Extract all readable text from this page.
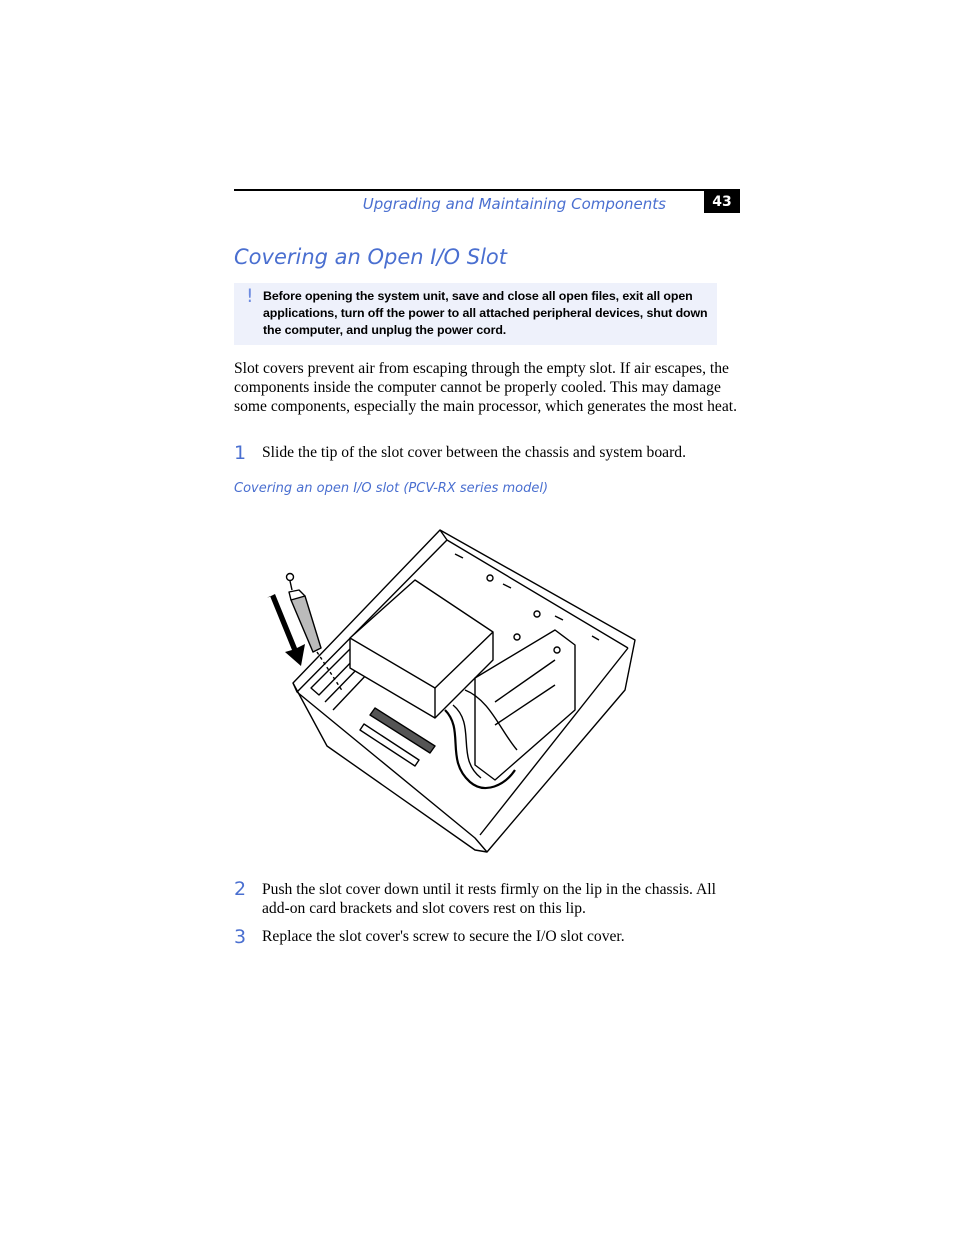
Upgrading and Maintaining Components	43
Covering an Open I/O Slot
! Before opening the system unit, save and close all open files, exit all open applications, turn off the power to all attached peripheral devices, shut down the computer, and unplug the power cord.

Slot covers prevent air from escaping through the empty slot. If air escapes, the components inside the computer cannot be properly cooled. This may damage some components, especially the main processor, which generates the most heat.

1 Slide the tip of the slot cover between the chassis and system board.
Covering an open I/O slot (PCV-RX series model)
2 Push the slot cover down until it rests firmly on the lip in the chassis. All add-on card brackets and slot covers rest on this lip.
3 Replace the slot cover's screw to secure the I/O slot cover.
